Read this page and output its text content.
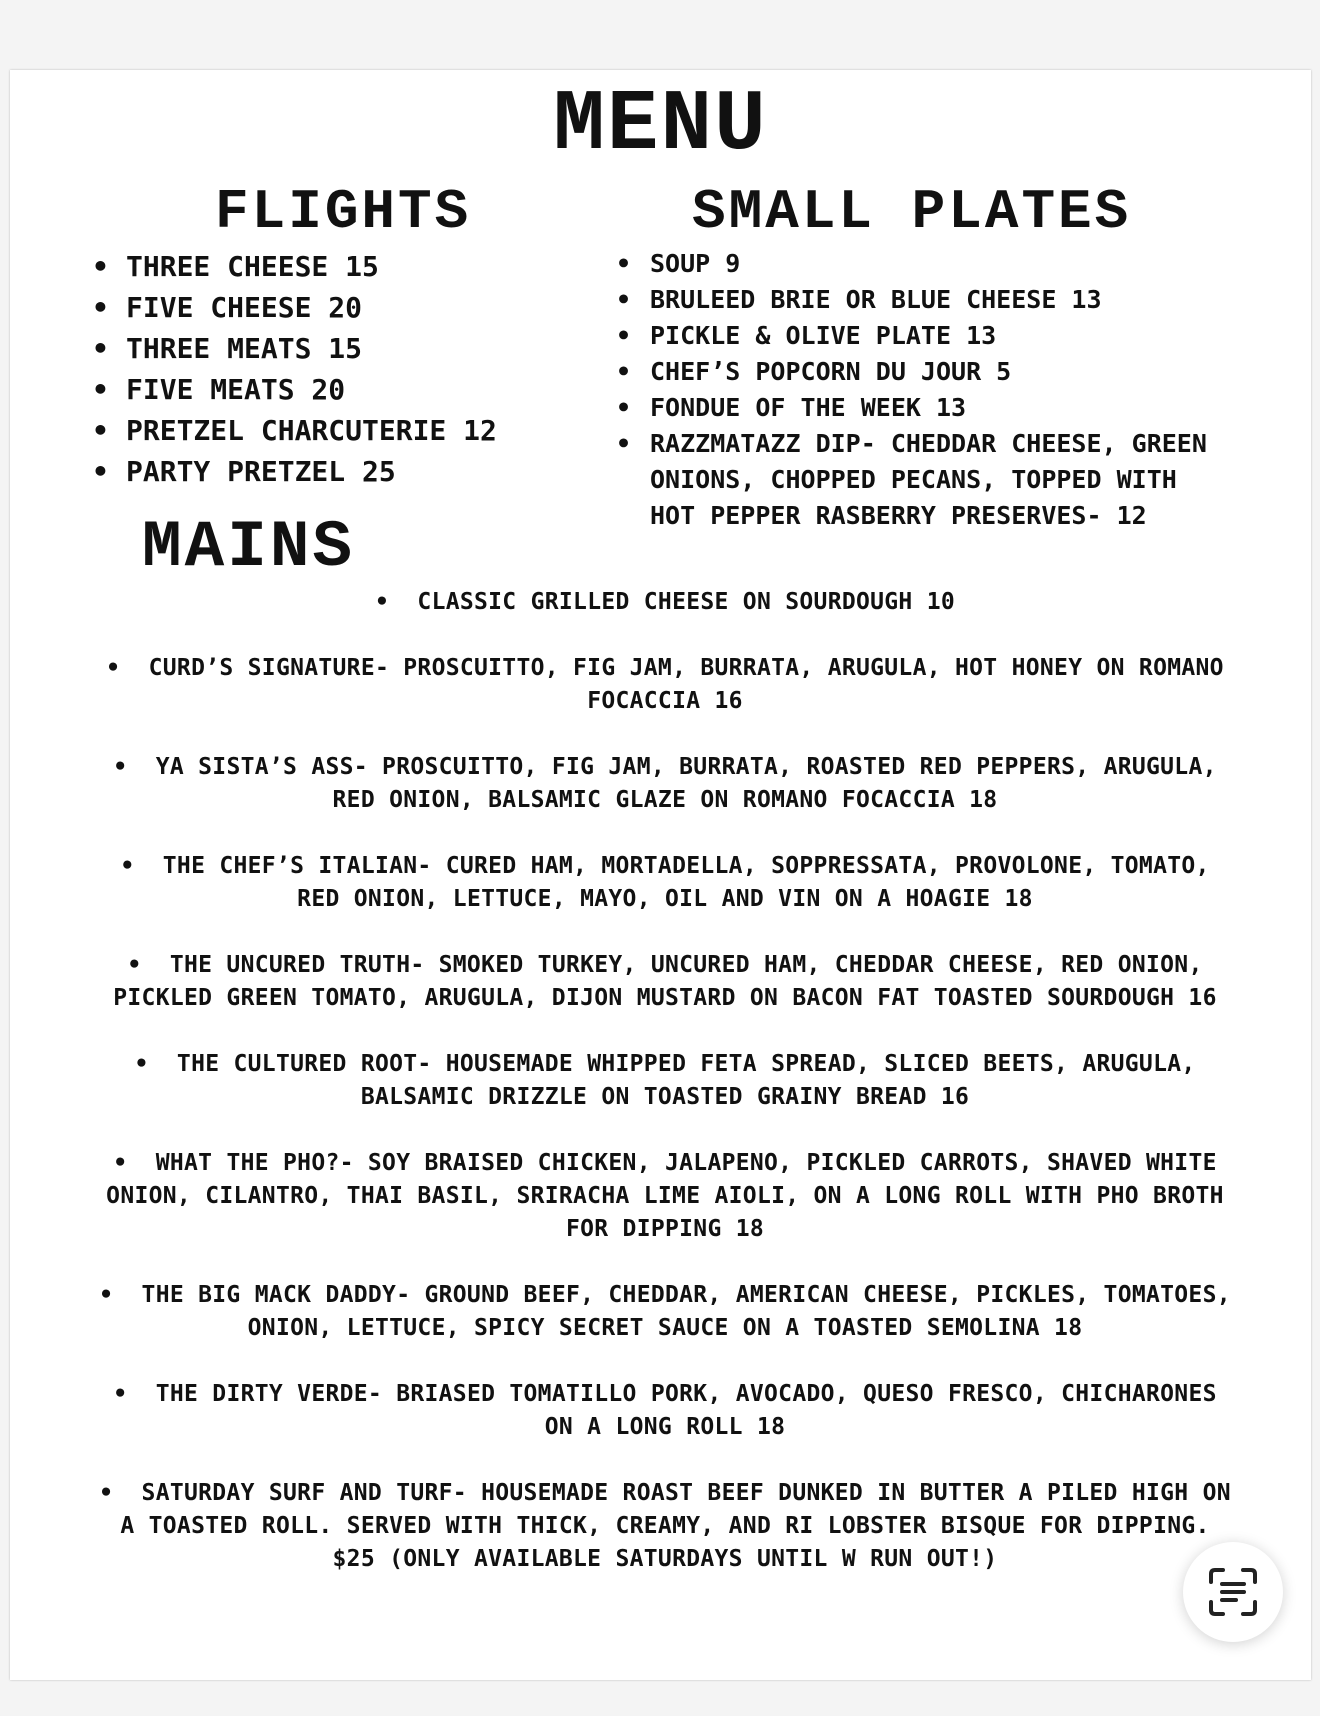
MENU
FLIGHTS
• THREE CHEESE 15
• FIVE CHEESE 20
• THREE MEATS 15
• FIVE MEATS 20
• PRETZEL CHARCUTERIE 12
• PARTY PRETZEL 25
SMALL PLATES
• SOUP 9
• BRULEED BRIE OR BLUE CHEESE 13
• PICKLE & OLIVE PLATE 13
• CHEF’S POPCORN DU JOUR 5
• FONDUE OF THE WEEK 13
• RAZZMATAZZ DIP- CHEDDAR CHEESE, GREEN ONIONS, CHOPPED PECANS, TOPPED WITH HOT PEPPER RASBERRY PRESERVES- 12
MAINS
•  CLASSIC GRILLED CHEESE ON SOURDOUGH 10
•  CURD’S SIGNATURE- PROSCUITTO, FIG JAM, BURRATA, ARUGULA, HOT HONEY ON ROMANO FOCACCIA 16
•  YA SISTA’S ASS- PROSCUITTO, FIG JAM, BURRATA, ROASTED RED PEPPERS, ARUGULA, RED ONION, BALSAMIC GLAZE ON ROMANO FOCACCIA 18
•  THE CHEF’S ITALIAN- CURED HAM, MORTADELLA, SOPPRESSATA, PROVOLONE, TOMATO, RED ONION, LETTUCE, MAYO, OIL AND VIN ON A HOAGIE 18
•  THE UNCURED TRUTH- SMOKED TURKEY, UNCURED HAM, CHEDDAR CHEESE, RED ONION, PICKLED GREEN TOMATO, ARUGULA, DIJON MUSTARD ON BACON FAT TOASTED SOURDOUGH 16
•  THE CULTURED ROOT- HOUSEMADE WHIPPED FETA SPREAD, SLICED BEETS, ARUGULA, BALSAMIC DRIZZLE ON TOASTED GRAINY BREAD 16
•  WHAT THE PHO?- SOY BRAISED CHICKEN, JALAPENO, PICKLED CARROTS, SHAVED WHITE ONION, CILANTRO, THAI BASIL, SRIRACHA LIME AIOLI, ON A LONG ROLL WITH PHO BROTH FOR DIPPING 18
•  THE BIG MACK DADDY- GROUND BEEF, CHEDDAR, AMERICAN CHEESE, PICKLES, TOMATOES, ONION, LETTUCE, SPICY SECRET SAUCE ON A TOASTED SEMOLINA 18
•  THE DIRTY VERDE- BRIASED TOMATILLO PORK, AVOCADO, QUESO FRESCO, CHICHARONES ON A LONG ROLL 18
•  SATURDAY SURF AND TURF- HOUSEMADE ROAST BEEF DUNKED IN BUTTER A PILED HIGH ON A TOASTED ROLL. SERVED WITH THICK, CREAMY, AND RI LOBSTER BISQUE FOR DIPPING. $25 (ONLY AVAILABLE SATURDAYS UNTIL W RUN OUT!)
